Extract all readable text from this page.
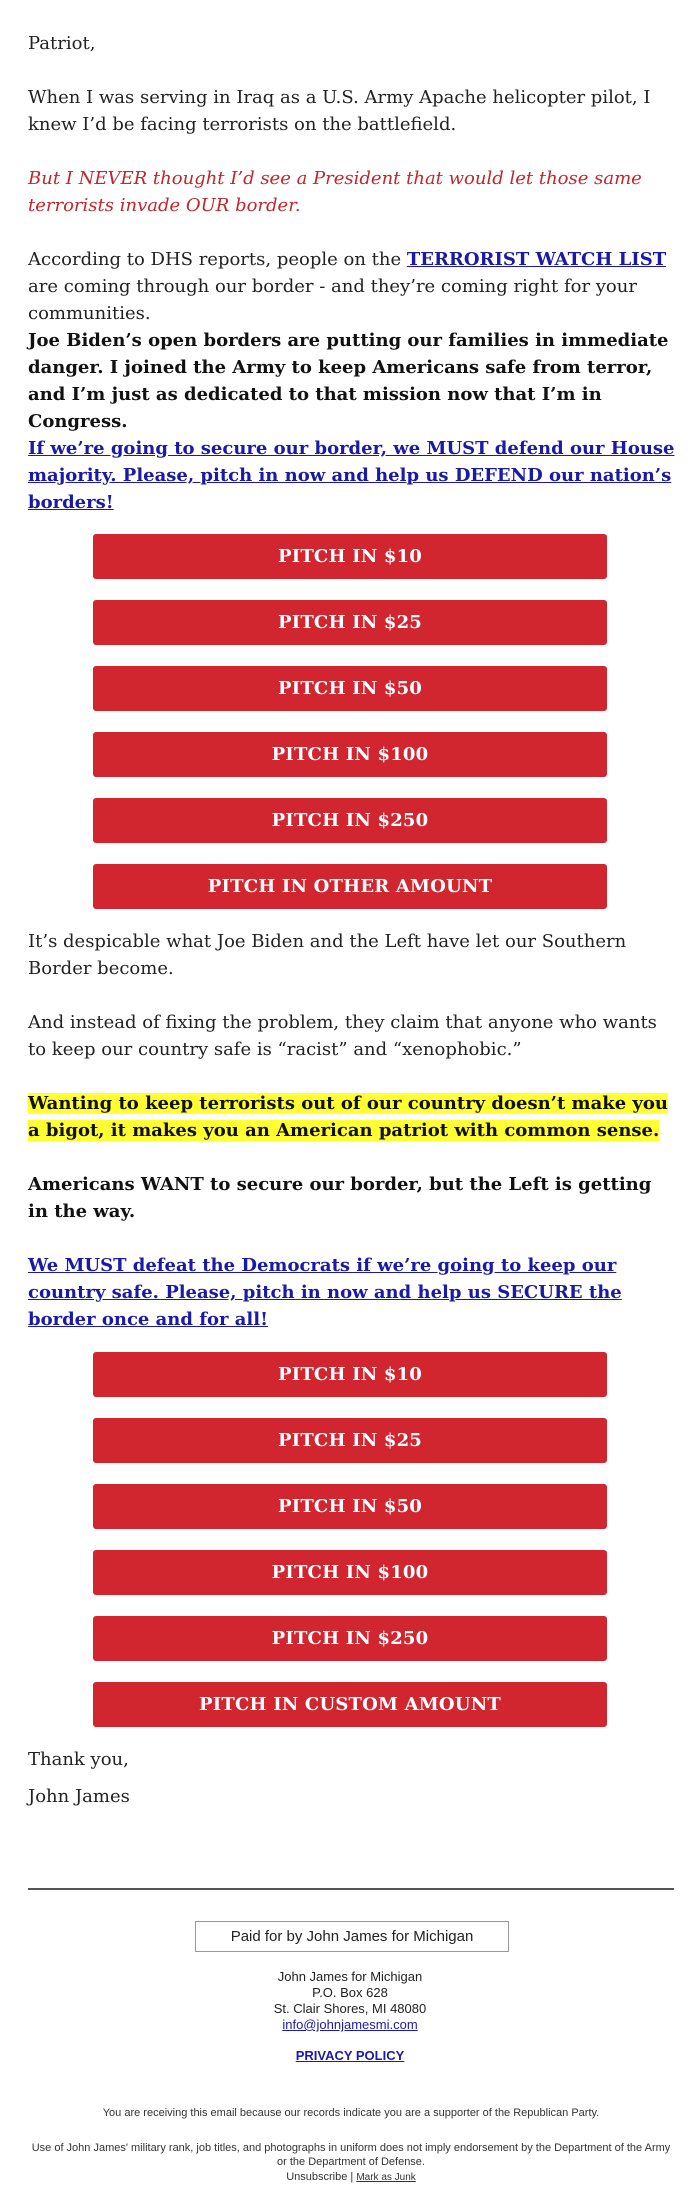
Patriot,

When I was serving in Iraq as a U.S. Army Apache helicopter pilot, I knew I’d be facing terrorists on the battlefield.

But I NEVER thought I’d see a President that would let those same terrorists invade OUR border.

According to DHS reports, people on the TERRORIST WATCH LIST are coming through our border - and they’re coming right for your communities.

Joe Biden’s open borders are putting our families in immediate danger. I joined the Army to keep Americans safe from terror, and I’m just as dedicated to that mission now that I’m in Congress.

If we’re going to secure our border, we MUST defend our House majority. Please, pitch in now and help us DEFEND our nation’s borders!

PITCH IN $10
PITCH IN $25
PITCH IN $50
PITCH IN $100
PITCH IN $250
PITCH IN OTHER AMOUNT

It’s despicable what Joe Biden and the Left have let our Southern Border become.

And instead of fixing the problem, they claim that anyone who wants to keep our country safe is “racist” and “xenophobic.”

Wanting to keep terrorists out of our country doesn’t make you a bigot, it makes you an American patriot with common sense.

Americans WANT to secure our border, but the Left is getting in the way.

We MUST defeat the Democrats if we’re going to keep our country safe. Please, pitch in now and help us SECURE the border once and for all!

PITCH IN $10
PITCH IN $25
PITCH IN $50
PITCH IN $100
PITCH IN $250
PITCH IN CUSTOM AMOUNT

Thank you,

John James

Paid for by John James for Michigan
John James for Michigan
P.O. Box 628
St. Clair Shores, MI 48080
info@johnjamesmi.com
PRIVACY POLICY
You are receiving this email because our records indicate you are a supporter of the Republican Party.
Use of John James' military rank, job titles, and photographs in uniform does not imply endorsement by the Department of the Army or the Department of Defense.
Unsubscribe | Mark as Junk
